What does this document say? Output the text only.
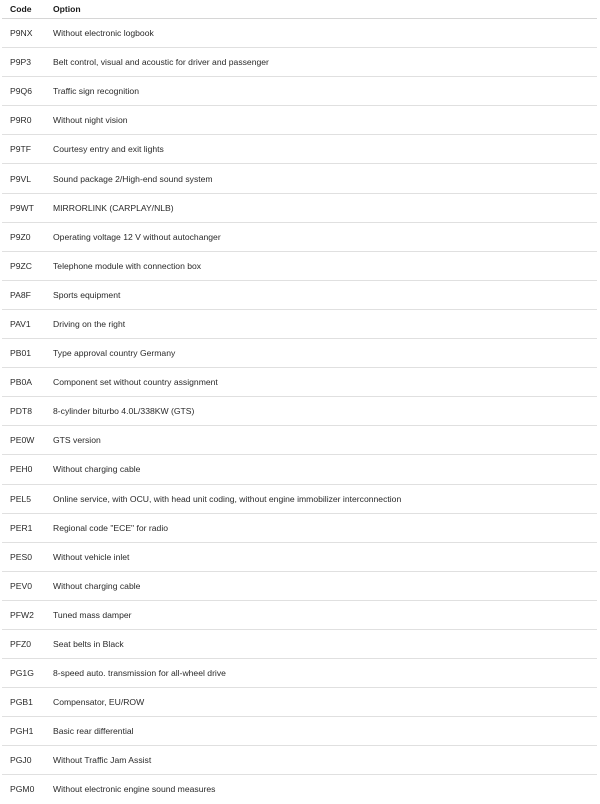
Code	Option
P9NX	Without electronic logbook
P9P3	Belt control, visual and acoustic for driver and passenger
P9Q6	Traffic sign recognition
P9R0	Without night vision
P9TF	Courtesy entry and exit lights
P9VL	Sound package 2/High-end sound system
P9WT	MIRRORLINK (CARPLAY/NLB)
P9Z0	Operating voltage 12 V without autochanger
P9ZC	Telephone module with connection box
PA8F	Sports equipment
PAV1	Driving on the right
PB01	Type approval country Germany
PB0A	Component set without country assignment
PDT8	8-cylinder biturbo 4.0L/338KW (GTS)
PE0W	GTS version
PEH0	Without charging cable
PEL5	Online service, with OCU, with head unit coding, without engine immobilizer interconnection
PER1	Regional code "ECE" for radio
PES0	Without vehicle inlet
PEV0	Without charging cable
PFW2	Tuned mass damper
PFZ0	Seat belts in Black
PG1G	8-speed auto. transmission for all-wheel drive
PGB1	Compensator, EU/ROW
PGH1	Basic rear differential
PGJ0	Without Traffic Jam Assist
PGM0	Without electronic engine sound measures
